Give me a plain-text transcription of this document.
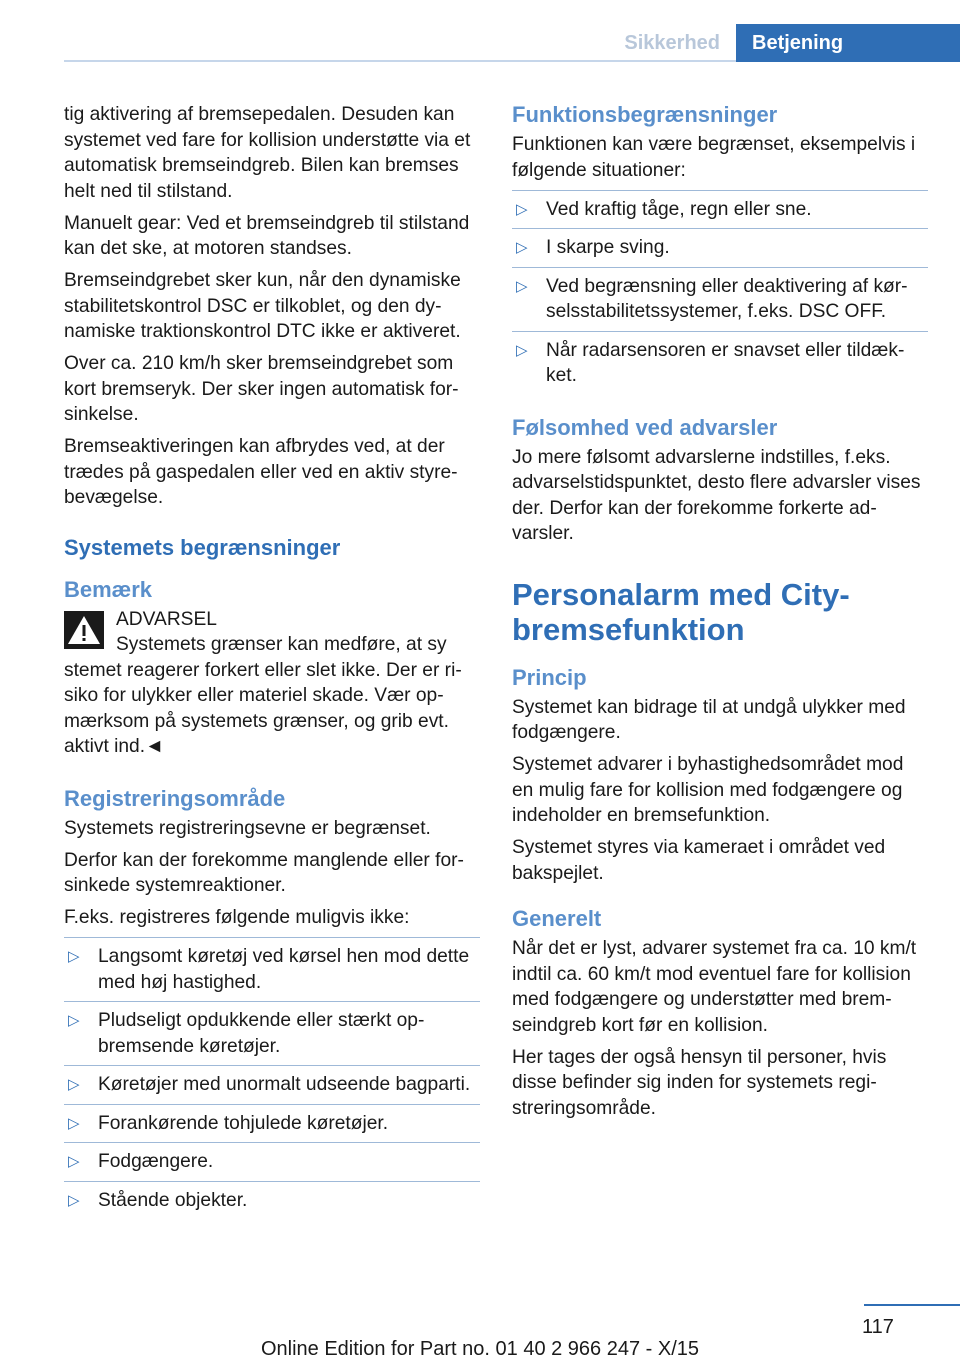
Sikkerhed	Betjening

tig aktivering af bremsepedalen. Desuden kan systemet ved fare for kollision understøtte via et automatisk bremseindgreb. Bilen kan bremses helt ned til stilstand.

Manuelt gear: Ved et bremseindgreb til stilstand kan det ske, at motoren standses.

Bremseindgrebet sker kun, når den dynamiske stabilitetskontrol DSC er tilkoblet, og den dynamiske traktionskontrol DTC ikke er aktiveret.

Over ca. 210 km/h sker bremseindgrebet som kort bremseryk. Der sker ingen automatisk forsinkelse.

Bremseaktiveringen kan afbrydes ved, at der trædes på gaspedalen eller ved en aktiv styrebevægelse.

Systemets begrænsninger
Bemærk
ADVARSEL
Systemets grænser kan medføre, at sy
stemet reagerer forkert eller slet ikke. Der er risiko for ulykker eller materiel skade. Vær opmærksom på systemets grænser, og grib evt. aktivt ind.◄
Registreringsområde

Systemets registreringsevne er begrænset.

Derfor kan der forekomme manglende eller forsinkede systemreaktioner.

F.eks. registreres følgende muligvis ikke:

▷ Langsomt køretøj ved kørsel hen mod dette med høj hastighed.
▷ Pludseligt opdukkende eller stærkt opbremsende køretøjer.
▷ Køretøjer med unormalt udseende bagparti.
▷ Forankørende tohjulede køretøjer.
▷ Fodgængere.
▷ Stående objekter.
Funktionsbegrænsninger

Funktionen kan være begrænset, eksempelvis i følgende situationer:

▷ Ved kraftig tåge, regn eller sne.
▷ I skarpe sving.
▷ Ved begrænsning eller deaktivering af kørselsstabilitetssystemer, f.eks. DSC OFF.
▷ Når radarsensoren er snavset eller tildækket.
Følsomhed ved advarsler

Jo mere følsomt advarslerne indstilles, f.eks. advarselstidspunktet, desto flere advarsler vises der. Derfor kan der forekomme forkerte advarsler.

Personalarm med City-bremsefunktion
Princip

Systemet kan bidrage til at undgå ulykker med fodgængere.

Systemet advarer i byhastighedsområdet mod en mulig fare for kollision med fodgængere og indeholder en bremsefunktion.

Systemet styres via kameraet i området ved bakspejlet.

Generelt

Når det er lyst, advarer systemet fra ca. 10 km/t indtil ca. 60 km/t mod eventuel fare for kollision med fodgængere og understøtter med bremseindgreb kort før en kollision.

Her tages der også hensyn til personer, hvis disse befinder sig inden for systemets registreringsområde.

117
Online Edition for Part no. 01 40 2 966 247 - X/15
